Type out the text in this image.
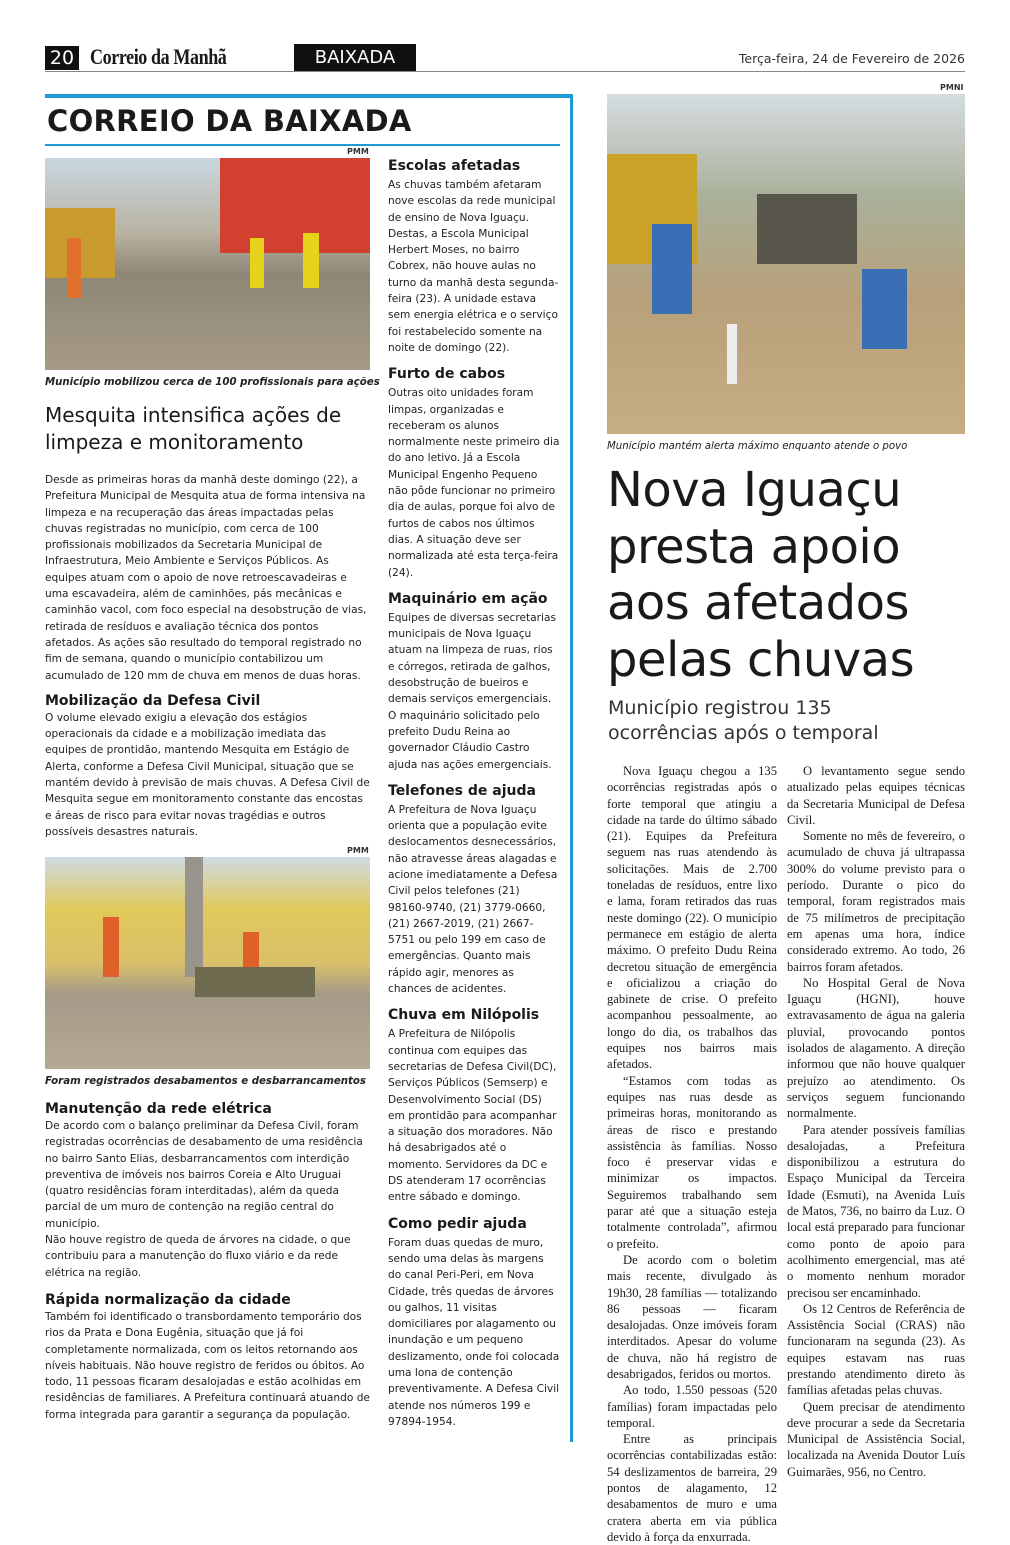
20 Correio da Manhã	BAIXADA	Terça-feira, 24 de Fevereiro de 2026
CORREIO DA BAIXADA
PMM
Município mobilizou cerca de 100 profissionais para ações
Mesquita intensifica ações de limpeza e monitoramento

Desde as primeiras horas da manhã deste domingo (22), a Prefeitura Municipal de Mesquita atua de forma intensiva na limpeza e na recuperação das áreas impactadas pelas chuvas registradas no município, com cerca de 100 profissionais mobilizados da Secretaria Municipal de Infraestrutura, Meio Ambiente e Serviços Públicos. As equipes atuam com o apoio de nove retroescavadeiras e uma escavadeira, além de caminhões, pás mecânicas e caminhão vacol, com foco especial na desobstrução de vias, retirada de resíduos e avaliação técnica dos pontos afetados. As ações são resultado do temporal registrado no fim de semana, quando o município contabilizou um acumulado de 120 mm de chuva em menos de duas horas.

Mobilização da Defesa Civil

O volume elevado exigiu a elevação dos estágios operacionais da cidade e a mobilização imediata das equipes de prontidão, mantendo Mesquita em Estágio de Alerta, conforme a Defesa Civil Municipal, situação que se mantém devido à previsão de mais chuvas. A Defesa Civil de Mesquita segue em monitoramento constante das encostas e áreas de risco para evitar novas tragédias e outros possíveis desastres naturais.

PMM
Foram registrados desabamentos e desbarrancamentos
Manutenção da rede elétrica

De acordo com o balanço preliminar da Defesa Civil, foram registradas ocorrências de desabamento de uma residência no bairro Santo Elias, desbarrancamentos com interdição preventiva de imóveis nos bairros Coreia e Alto Uruguai (quatro residências foram interditadas), além da queda parcial de um muro de contenção na região central do município.

Não houve registro de queda de árvores na cidade, o que contribuiu para a manutenção do fluxo viário e da rede elétrica na região.

Rápida normalização da cidade

Também foi identificado o transbordamento temporário dos rios da Prata e Dona Eugênia, situação que já foi completamente normalizada, com os leitos retornando aos níveis habituais. Não houve registro de feridos ou óbitos. Ao todo, 11 pessoas ficaram desalojadas e estão acolhidas em residências de familiares. A Prefeitura continuará atuando de forma integrada para garantir a segurança da população.

Escolas afetadas

As chuvas também afetaram nove escolas da rede municipal de ensino de Nova Iguaçu. Destas, a Escola Municipal Herbert Moses, no bairro Cobrex, não houve aulas no turno da manhã desta segunda-feira (23). A unidade estava sem energia elétrica e o serviço foi restabelecido somente na noite de domingo (22).

Furto de cabos

Outras oito unidades foram limpas, organizadas e receberam os alunos normalmente neste primeiro dia do ano letivo. Já a Escola Municipal Engenho Pequeno não pôde funcionar no primeiro dia de aulas, porque foi alvo de furtos de cabos nos últimos dias. A situação deve ser normalizada até esta terça-feira (24).

Maquinário em ação

Equipes de diversas secretarias municipais de Nova Iguaçu atuam na limpeza de ruas, rios e córregos, retirada de galhos, desobstrução de bueiros e demais serviços emergenciais. O maquinário solicitado pelo prefeito Dudu Reina ao governador Cláudio Castro ajuda nas ações emergenciais.

Telefones de ajuda

A Prefeitura de Nova Iguaçu orienta que a população evite deslocamentos desnecessários, não atravesse áreas alagadas e acione imediatamente a Defesa Civil pelos telefones (21) 98160-9740, (21) 3779-0660, (21) 2667-2019, (21) 2667-5751 ou pelo 199 em caso de emergências. Quanto mais rápido agir, menores as chances de acidentes.

Chuva em Nilópolis

A Prefeitura de Nilópolis continua com equipes das secretarias de Defesa Civil(DC), Serviços Públicos (Semserp) e Desenvolvimento Social (DS) em prontidão para acompanhar a situação dos moradores. Não há desabrigados até o momento. Servidores da DC e DS atenderam 17 ocorrências entre sábado e domingo.

Como pedir ajuda

Foram duas quedas de muro, sendo uma delas às margens do canal Peri-Peri, em Nova Cidade, três quedas de árvores ou galhos, 11 visitas domiciliares por alagamento ou inundação e um pequeno deslizamento, onde foi colocada uma lona de contenção preventivamente. A Defesa Civil atende nos números 199 e 97894-1954.

PMNI
Município mantém alerta máximo enquanto atende o povo
Nova Iguaçu
presta apoio
aos afetados
pelas chuvas
Município registrou 135
ocorrências após o temporal

Nova Iguaçu chegou a 135 ocorrências registradas após o forte temporal que atingiu a cidade na tarde do último sábado (21). Equipes da Prefeitura seguem nas ruas atendendo às solicitações. Mais de 2.700 toneladas de resíduos, entre lixo e lama, foram retirados das ruas neste domingo (22). O município permanece em estágio de alerta máximo. O prefeito Dudu Reina decretou situação de emergência e oficializou a criação do gabinete de crise. O prefeito acompanhou pessoalmente, ao longo do dia, os trabalhos das equipes nos bairros mais afetados.

“Estamos com todas as equipes nas ruas desde as primeiras horas, monitorando as áreas de risco e prestando assistência às famílias. Nosso foco é preservar vidas e minimizar os impactos. Seguiremos trabalhando sem parar até que a situação esteja totalmente controlada”, afirmou o prefeito.

De acordo com o boletim mais recente, divulgado às 19h30, 28 famílias — totalizando 86 pessoas — ficaram desalojadas. Onze imóveis foram interditados. Apesar do volume de chuva, não há registro de desabrigados, feridos ou mortos.

Ao todo, 1.550 pessoas (520 famílias) foram impactadas pelo temporal.

Entre as principais ocorrências contabilizadas estão: 54 deslizamentos de barreira, 29 pontos de alagamento, 12 desabamentos de muro e uma cratera aberta em via pública devido à força da enxurrada.

O levantamento segue sendo atualizado pelas equipes técnicas da Secretaria Municipal de Defesa Civil.

Somente no mês de fevereiro, o acumulado de chuva já ultrapassa 300% do volume previsto para o período. Durante o pico do temporal, foram registrados mais de 75 milímetros de precipitação em apenas uma hora, índice considerado extremo. Ao todo, 26 bairros foram afetados.

No Hospital Geral de Nova Iguaçu (HGNI), houve extravasamento de água na galeria pluvial, provocando pontos isolados de alagamento. A direção informou que não houve qualquer prejuízo ao atendimento. Os serviços seguem funcionando normalmente.

Para atender possíveis famílias desalojadas, a Prefeitura disponibilizou a estrutura do Espaço Municipal da Terceira Idade (Esmuti), na Avenida Luís de Matos, 736, no bairro da Luz. O local está preparado para funcionar como ponto de apoio para acolhimento emergencial, mas até o momento nenhum morador precisou ser encaminhado.

Os 12 Centros de Referência de Assistência Social (CRAS) não funcionaram na segunda (23). As equipes estavam nas ruas prestando atendimento direto às famílias afetadas pelas chuvas.

Quem precisar de atendimento deve procurar a sede da Secretaria Municipal de Assistência Social, localizada na Avenida Doutor Luís Guimarães, 956, no Centro.
